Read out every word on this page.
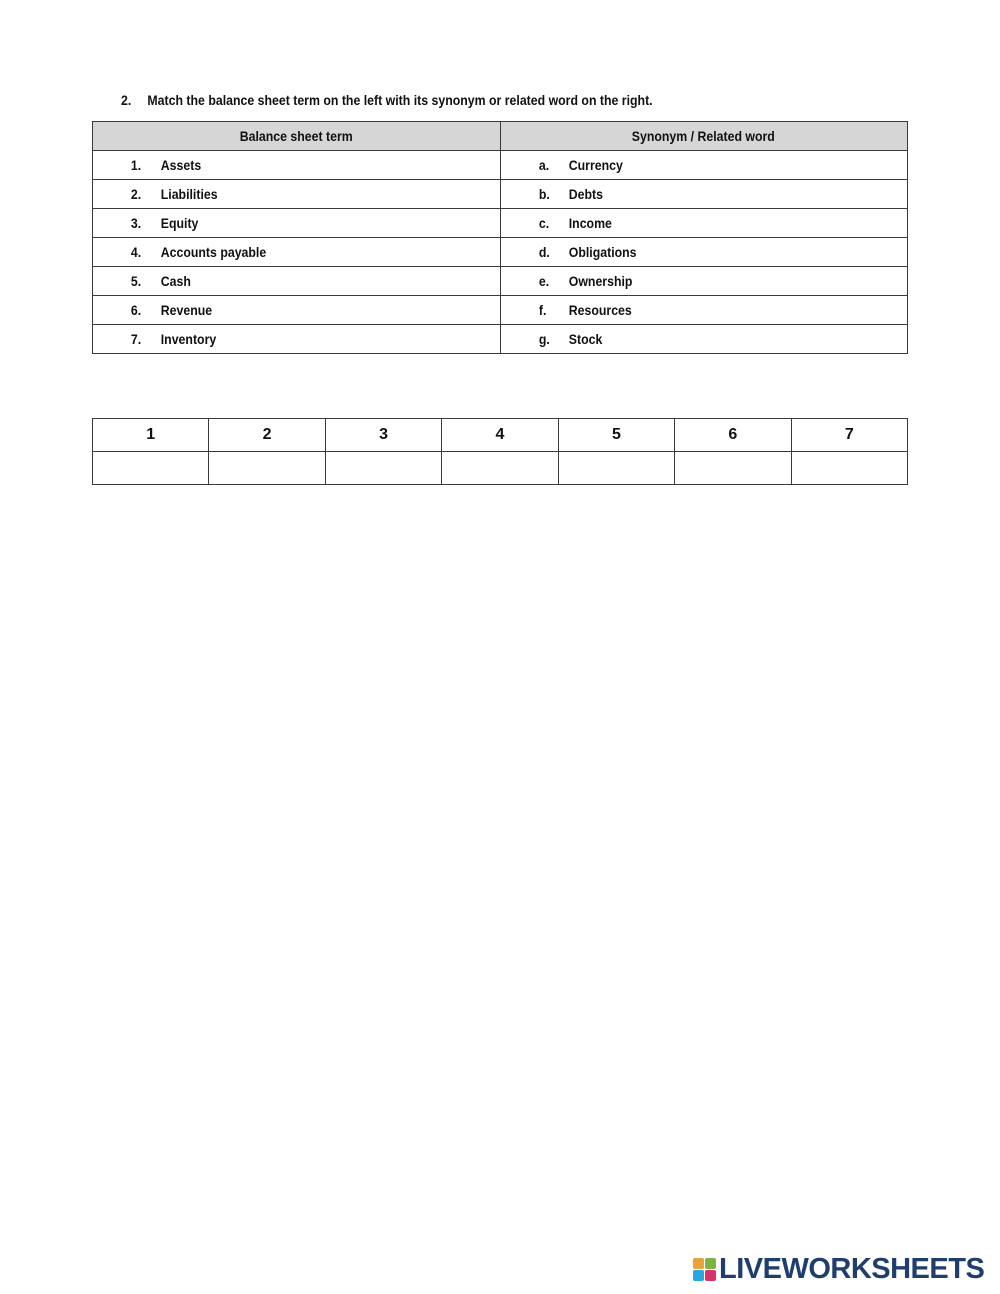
2. Match the balance sheet term on the left with its synonym or related word on the right.
Balance sheet term	Synonym / Related word

1. Assets	a. Currency

2. Liabilities	b. Debts

3. Equity	c. Income

4. Accounts payable	d. Obligations

5. Cash	e. Ownership

6. Revenue	f. Resources

7. Inventory	g. Stock
1	2	3	4	5	6	7

LIVEWORKSHEETS
